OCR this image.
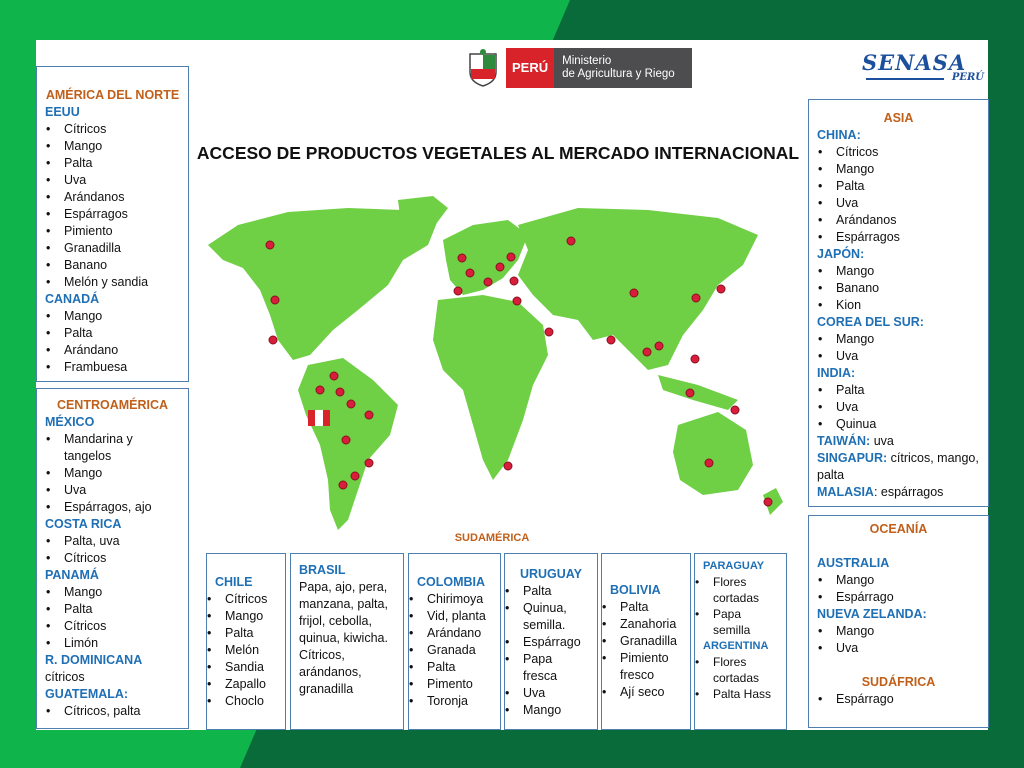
PERÚ	Ministerio
de Agricultura y Riego	SENASA
PERÚ
ACCESO DE PRODUCTOS VEGETALES AL MERCADO INTERNACIONAL
AMÉRICA DEL NORTE
EEUU
• Cítricos
• Mango
• Palta
• Uva
• Arándanos
• Espárragos
• Pimiento
• Granadilla
• Banano
• Melón y sandia
CANADÁ
• Mango
• Palta
• Arándano
• Frambuesa
CENTROAMÉRICA
MÉXICO
• Mandarina y tangelos
• Mango
• Uva
• Espárragos, ajo
COSTA RICA
• Palta, uva
• Cítricos
PANAMÁ
• Mango
• Palta
• Cítricos
• Limón
R. DOMINICANA
cítricos
GUATEMALA:
• Cítricos, palta
ASIA
CHINA:
• Cítricos
• Mango
• Palta
• Uva
• Arándanos
• Espárragos
JAPÓN:
• Mango
• Banano
• Kion
COREA DEL SUR:
• Mango
• Uva
INDIA:
• Palta
• Uva
• Quinua
TAIWÁN: uva
SINGAPUR: cítricos, mango, palta
MALASIA: espárragos
OCEANÍA
AUSTRALIA
• Mango
• Espárrago
NUEVA ZELANDA:
• Mango
• Uva
SUDÁFRICA
• Espárrago
SUDAMÉRICA
CHILE
• Cítricos
• Mango
• Palta
• Melón
• Sandia
• Zapallo
• Choclo
BRASIL
Papa, ajo, pera, manzana, palta, frijol, cebolla, quinua, kiwicha. Cítricos, arándanos, granadilla
COLOMBIA
• Chirimoya
• Vid, planta
• Arándano
• Granada
• Palta
• Pimento
• Toronja
URUGUAY
• Palta
• Quinua, semilla.
• Espárrago
• Papa fresca
• Uva
• Mango
BOLIVIA
• Palta
• Zanahoria
• Granadilla
• Pimiento fresco
• Ají seco
PARAGUAY
• Flores cortadas
• Papa semilla
ARGENTINA
• Flores cortadas
• Palta Hass
